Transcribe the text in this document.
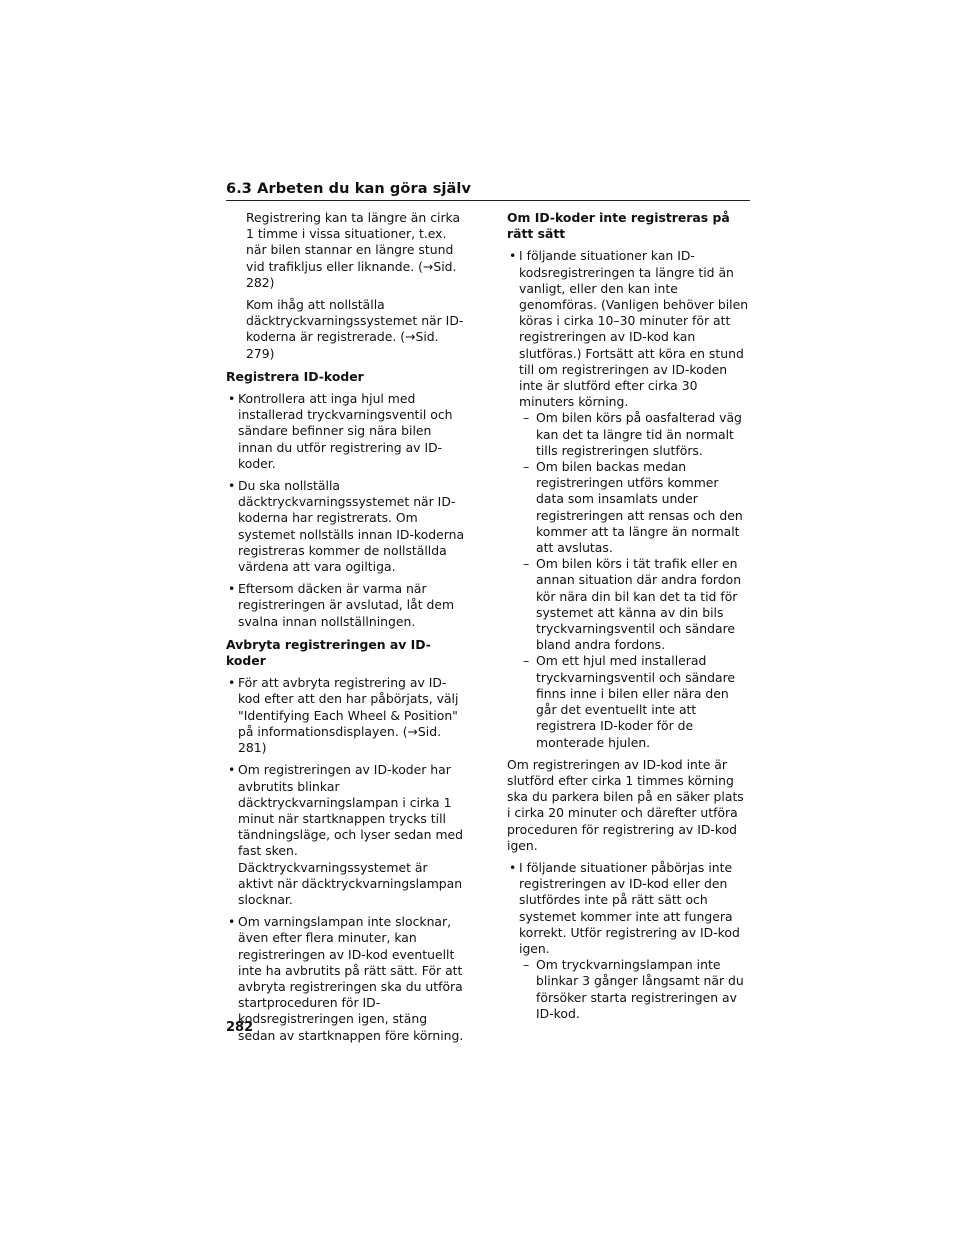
6.3 Arbeten du kan göra själv

Registrering kan ta längre än cirka 1 timme i vissa situationer, t.ex. när bilen stannar en längre stund vid trafikljus eller liknande. (→Sid. 282)

Kom ihåg att nollställa däcktryckvarningssystemet när ID-koderna är registrerade. (→Sid. 279)

Registrera ID-koder
• Kontrollera att inga hjul med installerad tryckvarningsventil och sändare befinner sig nära bilen innan du utför registrering av ID-koder.
• Du ska nollställa däcktryckvarningssystemet när ID-koderna har registrerats. Om systemet nollställs innan ID-koderna registreras kommer de nollställda värdena att vara ogiltiga.
• Eftersom däcken är varma när registreringen är avslutad, låt dem svalna innan nollställningen.
Avbryta registreringen av ID-koder
• För att avbryta registrering av ID-kod efter att den har påbörjats, välj "Identifying Each Wheel & Position" på informationsdisplayen. (→Sid. 281)
• Om registreringen av ID-koder har avbrutits blinkar däcktryckvarningslampan i cirka 1 minut när startknappen trycks till tändningsläge, och lyser sedan med fast sken. Däcktryckvarningssystemet är aktivt när däcktryckvarningslampan slocknar.
• Om varningslampan inte slocknar, även efter flera minuter, kan registreringen av ID-kod eventuellt inte ha avbrutits på rätt sätt. För att avbryta registreringen ska du utföra startproceduren för ID-kodsregistreringen igen, stäng sedan av startknappen före körning.
Om ID-koder inte registreras på rätt sätt
• I följande situationer kan ID-kodsregistreringen ta längre tid än vanligt, eller den kan inte genomföras. (Vanligen behöver bilen köras i cirka 10–30 minuter för att registreringen av ID-kod kan slutföras.) Fortsätt att köra en stund till om registreringen av ID-koden inte är slutförd efter cirka 30 minuters körning.
– Om bilen körs på oasfalterad väg kan det ta längre tid än normalt tills registreringen slutförs.
– Om bilen backas medan registreringen utförs kommer data som insamlats under registreringen att rensas och den kommer att ta längre än normalt att avslutas.
– Om bilen körs i tät trafik eller en annan situation där andra fordon kör nära din bil kan det ta tid för systemet att känna av din bils tryckvarningsventil och sändare bland andra fordons.
– Om ett hjul med installerad tryckvarningsventil och sändare finns inne i bilen eller nära den går det eventuellt inte att registrera ID-koder för de monterade hjulen.

Om registreringen av ID-kod inte är slutförd efter cirka 1 timmes körning ska du parkera bilen på en säker plats i cirka 20 minuter och därefter utföra proceduren för registrering av ID-kod igen.

• I följande situationer påbörjas inte registreringen av ID-kod eller den slutfördes inte på rätt sätt och systemet kommer inte att fungera korrekt. Utför registrering av ID-kod igen.
– Om tryckvarningslampan inte blinkar 3 gånger långsamt när du försöker starta registreringen av ID-kod.
282
